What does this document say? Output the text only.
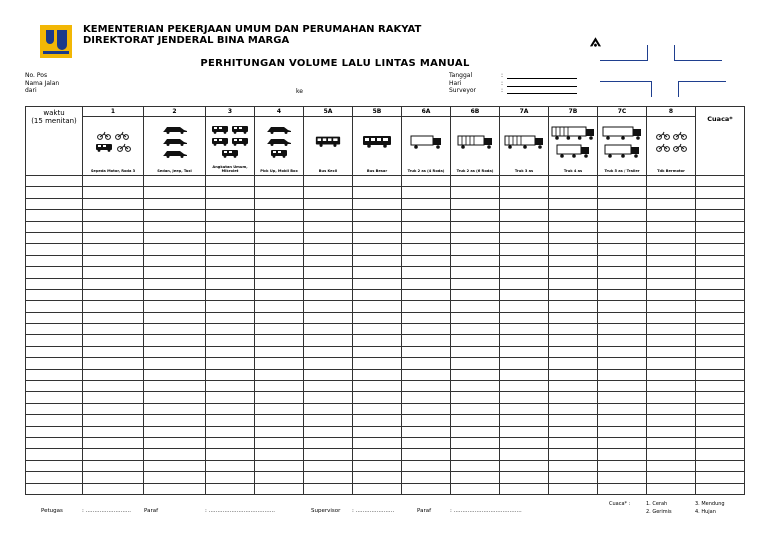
KEMENTERIAN PEKERJAAN UMUM DAN PERUMAHAN RAKYAT
DIREKTORAT JENDERAL BINA MARGA	⟑
PERHITUNGAN VOLUME LALU LINTAS MANUAL
No. Pos
Nama Jalan
dari	ke
Tanggal	:
Hari	:
Surveyor	:
waktu
(15 menitan)	1	2	3	4	5A	5B	6A	6B	7A	7B	7C	8	Cuaca*

	Sepeda Motor, Roda 3	Sedan, Jeep, Taxi	Angkutan Umum, Mikrolet	Pick Up, Mobil Box	Bus Kecil	Bus Besar	Truk 2 as (4 Roda)	Truk 2 as (6 Roda)	Truk 3 as	Truk 4 as	Truk 5 as / Trailer	Tdk Bermotor	

Petugas	: .......................... Paraf	: ......................................	Supervisor : ......................	Paraf	: .......................................
Cuaca* :	1. Cerah
2. Gerimis
3. Mendung
4. Hujan
